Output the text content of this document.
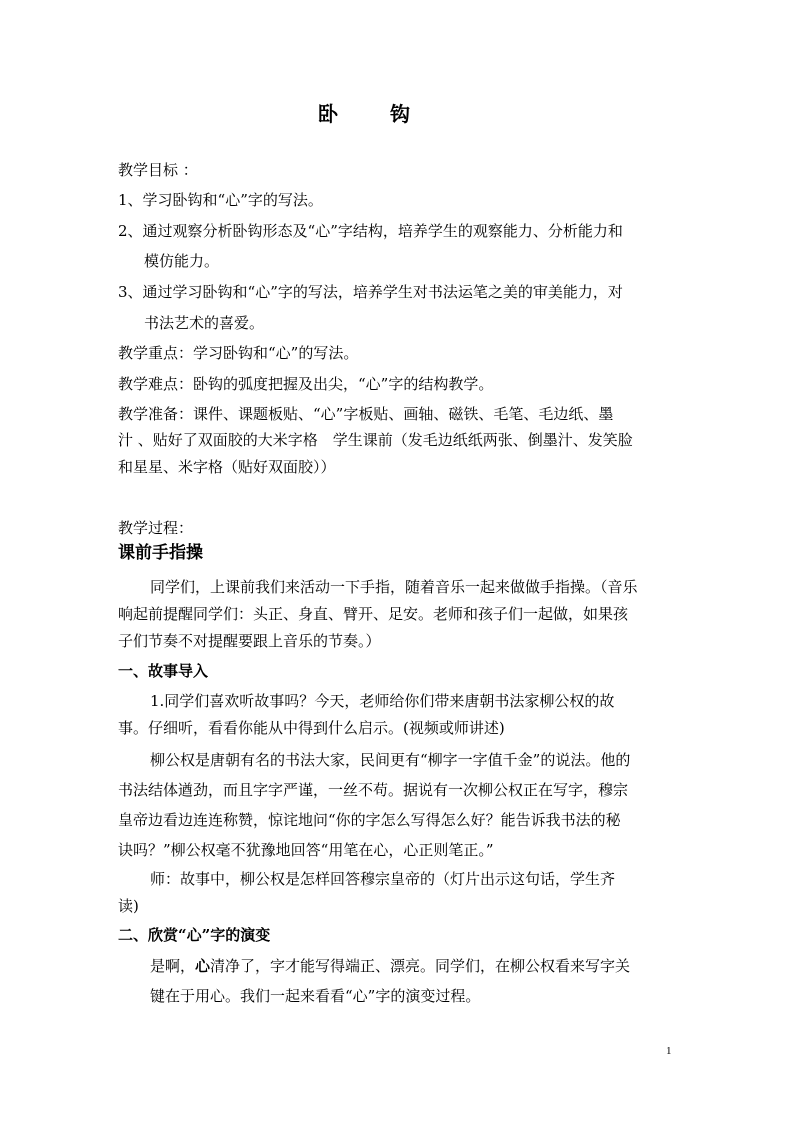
卧	钩

教学目标 ：

1、学习卧钩和“心”字的写法。

2、通过观察分析卧钩形态及“心”字结构，培养学生的观察能力、分析能力和

模仿能力。

3、通过学习卧钩和“心”字的写法，培养学生对书法运笔之美的审美能力，对

书法艺术的喜爱。

教学重点：学习卧钩和“心”的写法。

教学难点：卧钩的弧度把握及出尖，“心”字的结构教学。

教学准备：课件、课题板贴、“心”字板贴、画轴、磁铁、毛笔、毛边纸、墨

汁 、贴好了双面胶的大米字格　学生课前（发毛边纸纸两张、倒墨汁、发笑脸

和星星、米字格（贴好双面胶））

教学过程：

课前手指操

同学们，上课前我们来活动一下手指，随着音乐一起来做做手指操。（音乐

响起前提醒同学们：头正、身直、臂开、足安。老师和孩子们一起做，如果孩

子们节奏不对提醒要跟上音乐的节奏。）

一、故事导入

1.同学们喜欢听故事吗？今天，老师给你们带来唐朝书法家柳公权的故

事。仔细听，看看你能从中得到什么启示。(视频或师讲述)

柳公权是唐朝有名的书法大家，民间更有“柳字一字值千金”的说法。他的

书法结体遒劲，而且字字严谨，一丝不苟。据说有一次柳公权正在写字，穆宗

皇帝边看边连连称赞，惊诧地问“你的字怎么写得怎么好？能告诉我书法的秘

诀吗？”柳公权毫不犹豫地回答“用笔在心，心正则笔正。”

师：故事中，柳公权是怎样回答穆宗皇帝的（灯片出示这句话，学生齐

读)

二、欣赏“心”字的演变

是啊，心清净了，字才能写得端正、漂亮。同学们，在柳公权看来写字关

键在于用心。我们一起来看看“心”字的演变过程。

1
